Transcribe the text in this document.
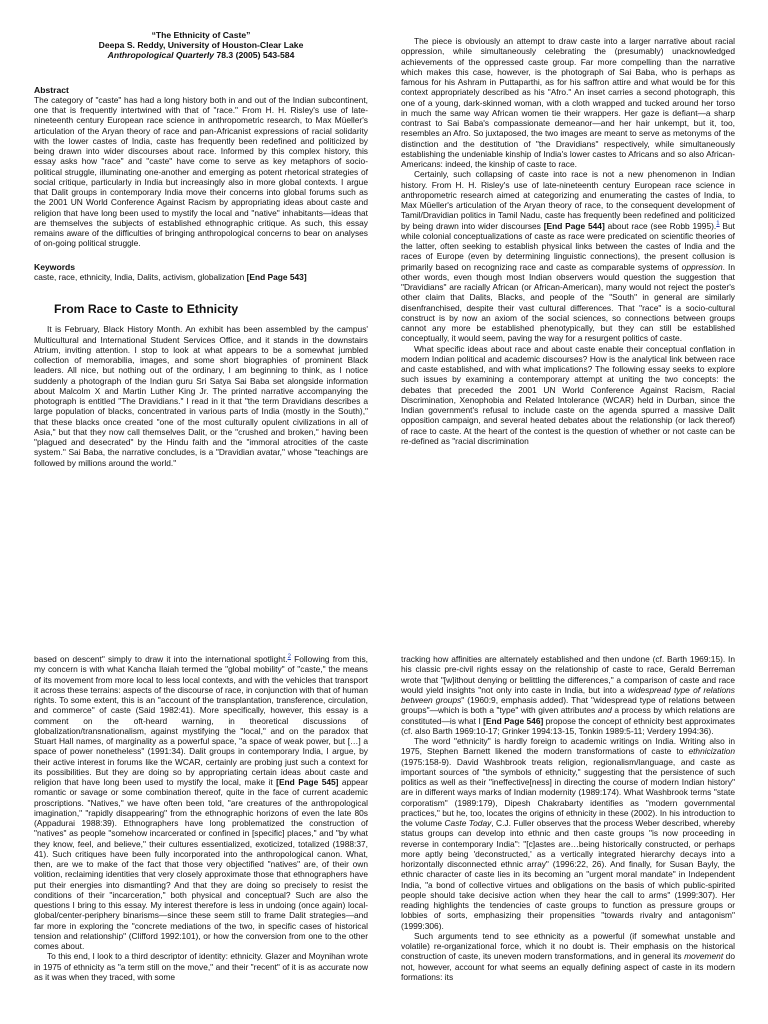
“The Ethnicity of Caste”
Deepa S. Reddy, University of Houston-Clear Lake
Anthropological Quarterly 78.3 (2005) 543-584
Abstract

The category of "caste" has had a long history both in and out of the Indian subcontinent, one that is frequently intertwined with that of "race." From H. H. Risley's use of late-nineteenth century European race science in anthropometric research, to Max Müeller's articulation of the Aryan theory of race and pan-Africanist expressions of racial solidarity with the lower castes of India, caste has frequently been redefined and politicized by being drawn into wider discourses about race. Informed by this complex history, this essay asks how "race" and "caste" have come to serve as key metaphors of socio-political struggle, illuminating one-another and emerging as potent rhetorical strategies of social critique, particularly in India but increasingly also in more global contexts. I argue that Dalit groups in contemporary India move their concerns into global forums such as the 2001 UN World Conference Against Racism by appropriating ideas about caste and religion that have long been used to mystify the local and "native" inhabitants—ideas that are themselves the subjects of established ethnographic critique. As such, this essay remains aware of the difficulties of bringing anthropological concerns to bear on analyses of on-going political struggle.

Keywords

caste, race, ethnicity, India, Dalits, activism, globalization [End Page 543]

From Race to Caste to Ethnicity

It is February, Black History Month. An exhibit has been assembled by the campus' Multicultural and International Student Services Office, and it stands in the downstairs Atrium, inviting attention. I stop to look at what appears to be a somewhat jumbled collection of memorabilia, images, and some short biographies of prominent Black leaders. All nice, but nothing out of the ordinary, I am beginning to think, as I notice suddenly a photograph of the Indian guru Sri Satya Sai Baba set alongside information about Malcolm X and Martin Luther King Jr. The printed narrative accompanying the photograph is entitled "The Dravidians." I read in it that "the term Dravidians describes a large population of blacks, concentrated in various parts of India (mostly in the South)," that these blacks once created "one of the most culturally opulent civilizations in all of Asia," but that they now call themselves Dalit, or the "crushed and broken," having been "plagued and desecrated" by the Hindu faith and the "immoral atrocities of the caste system." Sai Baba, the narrative concludes, is a "Dravidian avatar," whose "teachings are followed by millions around the world."

The piece is obviously an attempt to draw caste into a larger narrative about racial oppression, while simultaneously celebrating the (presumably) unacknowledged achievements of the oppressed caste group. Far more compelling than the narrative which makes this case, however, is the photograph of Sai Baba, who is perhaps as famous for his Ashram in Puttaparthi, as for his saffron attire and what would be for this context appropriately described as his "Afro." An inset carries a second photograph, this one of a young, dark-skinned woman, with a cloth wrapped and tucked around her torso in much the same way African women tie their wrappers. Her gaze is defiant—a sharp contrast to Sai Baba's compassionate demeanor—and her hair unkempt, but it, too, resembles an Afro. So juxtaposed, the two images are meant to serve as metonyms of the distinction and the destitution of "the Dravidians" respectively, while simultaneously establishing the undeniable kinship of India's lower castes to Africans and so also African-Americans: indeed, the kinship of caste to race.

Certainly, such collapsing of caste into race is not a new phenomenon in Indian history. From H. H. Risley's use of late-nineteenth century European race science in anthropometric research aimed at categorizing and enumerating the castes of India, to Max Müeller's articulation of the Aryan theory of race, to the consequent development of Tamil/Dravidian politics in Tamil Nadu, caste has frequently been redefined and politicized by being drawn into wider discourses [End Page 544] about race (see Robb 1995).$^1$ But while colonial conceptualizations of caste as race were predicated on scientific theories of the latter, often seeking to establish physical links between the castes of India and the races of Europe (even by determining linguistic connections), the present collusion is primarily based on recognizing race and caste as comparable systems of oppression. In other words, even though most Indian observers would question the suggestion that "Dravidians" are racially African (or African-American), many would not reject the poster's other claim that Dalits, Blacks, and people of the "South" in general are similarly disenfranchised, despite their vast cultural differences. That "race" is a socio-cultural construct is by now an axiom of the social sciences, so connections between groups cannot any more be established phenotypically, but they can still be established conceptually, it would seem, paving the way for a resurgent politics of caste.

What specific ideas about race and about caste enable their conceptual conflation in modern Indian political and academic discourses? How is the analytical link between race and caste established, and with what implications? The following essay seeks to explore such issues by examining a contemporary attempt at uniting the two concepts: the debates that preceded the 2001 UN World Conference Against Racism, Racial Discrimination, Xenophobia and Related Intolerance (WCAR) held in Durban, since the Indian government's refusal to include caste on the agenda spurred a massive Dalit opposition campaign, and several heated debates about the relationship (or lack thereof) of race to caste. At the heart of the contest is the question of whether or not caste can be re-defined as "racial discrimination

based on descent" simply to draw it into the international spotlight.$^2$ Following from this, my concern is with what Kancha Ilaiah termed the "global mobility" of "caste," the means of its movement from more local to less local contexts, and with the vehicles that transport it across these terrains: aspects of the discourse of race, in conjunction with that of human rights. To some extent, this is an "account of the transplantation, transference, circulation, and commerce" of caste (Said 1982:41). More specifically, however, this essay is a comment on the oft-heard warning, in theoretical discussions of globalization/transnationalism, against mystifying the "local," and on the paradox that Stuart Hall names, of marginality as a powerful space, "a space of weak power, but […] a space of power nonetheless" (1991:34). Dalit groups in contemporary India, I argue, by their active interest in forums like the WCAR, certainly are probing just such a context for its possibilities. But they are doing so by appropriating certain ideas about caste and religion that have long been used to mystify the local, make it [End Page 545] appear romantic or savage or some combination thereof, quite in the face of current academic proscriptions. "Natives," we have often been told, "are creatures of the anthropological imagination," "rapidly disappearing" from the ethnographic horizons of even the late 80s (Appadurai 1988:39). Ethnographers have long problematized the construction of "natives" as people "somehow incarcerated or confined in [specific] places," and "by what they know, feel, and believe," their cultures essentialized, exoticized, totalized (1988:37, 41). Such critiques have been fully incorporated into the anthropological canon. What, then, are we to make of the fact that those very objectified "natives" are, of their own volition, reclaiming identities that very closely approximate those that ethnographers have put their energies into dismantling? And that they are doing so precisely to resist the conditions of their "incarceration," both physical and conceptual? Such are also the questions I bring to this essay. My interest therefore is less in undoing (once again) local-global/center-periphery binarisms—since these seem still to frame Dalit strategies—and far more in exploring the "concrete mediations of the two, in specific cases of historical tension and relationship" (Clifford 1992:101), or how the conversion from one to the other comes about.

To this end, I look to a third descriptor of identity: ethnicity. Glazer and Moynihan wrote in 1975 of ethnicity as "a term still on the move," and their "recent" of it is as accurate now as it was when they traced, with some

tracking how affinities are alternately established and then undone (cf. Barth 1969:15). In his classic pre-civil rights essay on the relationship of caste to race, Gerald Berreman wrote that "[w]ithout denying or belittling the differences," a comparison of caste and race would yield insights "not only into caste in India, but into a widespread type of relations between groups" (1960:9, emphasis added). That "widespread type of relations between groups"—which is both a "type" with given attributes and a process by which relations are constituted—is what I [End Page 546] propose the concept of ethnicity best approximates (cf. also Barth 1969:10-17; Grinker 1994:13-15, Tonkin 1989:5-11; Verdery 1994:36).

The word "ethnicity" is hardly foreign to academic writings on India. Writing also in 1975, Stephen Barnett likened the modern transformations of caste to ethnicization (1975:158-9). David Washbrook treats religion, regionalism/language, and caste as important sources of "the symbols of ethnicity," suggesting that the persistence of such politics as well as their "ineffective[ness] in directing the course of modern Indian history" are in different ways marks of Indian modernity (1989:174). What Washbrook terms "state corporatism" (1989:179), Dipesh Chakrabarty identifies as "modern governmental practices," but he, too, locates the origins of ethnicity in these (2002). In his introduction to the volume Caste Today, C.J. Fuller observes that the process Weber described, whereby status groups can develop into ethnic and then caste groups "is now proceeding in reverse in contemporary India": "[c]astes are…being historically constructed, or perhaps more aptly being 'deconstructed,' as a vertically integrated hierarchy decays into a horizontally disconnected ethnic array" (1996:22, 26). And finally, for Susan Bayly, the ethnic character of caste lies in its becoming an "urgent moral mandate" in Independent India, "a bond of collective virtues and obligations on the basis of which public-spirited people should take decisive action when they hear the call to arms" (1999:307). Her reading highlights the tendencies of caste groups to function as pressure groups or lobbies of sorts, emphasizing their propensities "towards rivalry and antagonism" (1999:306).

Such arguments tend to see ethnicity as a powerful (if somewhat unstable and volatile) re-organizational force, which it no doubt is. Their emphasis on the historical construction of caste, its uneven modern transformations, and in general its movement do not, however, account for what seems an equally defining aspect of caste in its modern formations: its
